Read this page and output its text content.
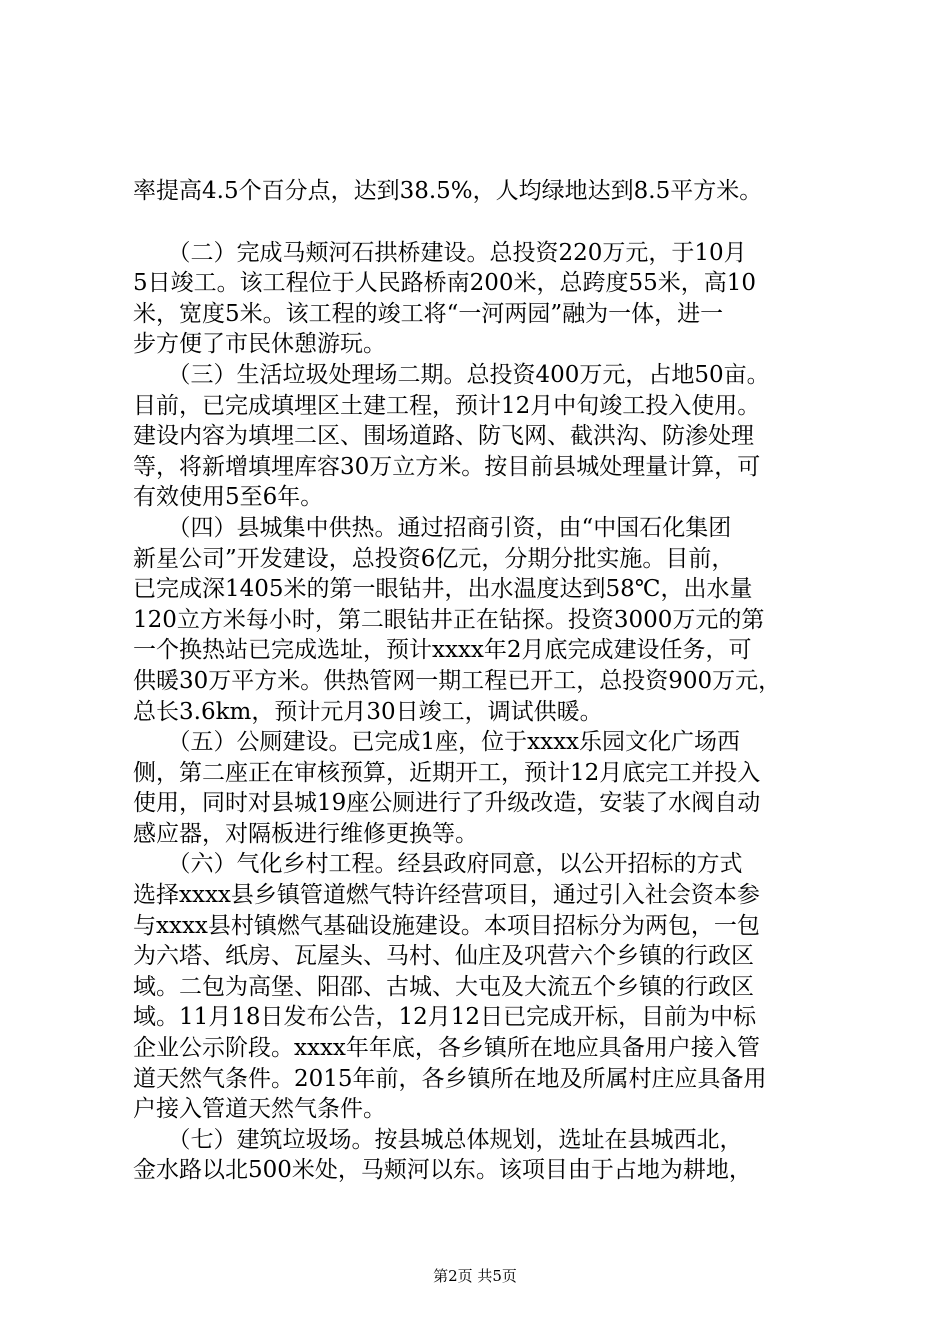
率提高4.5个百分点，达到38.5%，人均绿地达到8.5平方米。
　　（二）完成马颊河石拱桥建设。总投资220万元，于10月
5日竣工。该工程位于人民路桥南200米，总跨度55米，高10
米，宽度5米。该工程的竣工将“一河两园”融为一体，进一
步方便了市民休憩游玩。
　　（三）生活垃圾处理场二期。总投资400万元，占地50亩。
目前，已完成填埋区土建工程，预计12月中旬竣工投入使用。
建设内容为填埋二区、围场道路、防飞网、截洪沟、防渗处理
等，将新增填埋库容30万立方米。按目前县城处理量计算，可
有效使用5至6年。
　　（四）县城集中供热。通过招商引资，由“中国石化集团
新星公司”开发建设，总投资6亿元，分期分批实施。目前，
已完成深1405米的第一眼钻井，出水温度达到58℃，出水量
120立方米每小时，第二眼钻井正在钻探。投资3000万元的第
一个换热站已完成选址，预计xxxx年2月底完成建设任务，可
供暖30万平方米。供热管网一期工程已开工，总投资900万元，
总长3.6km，预计元月30日竣工，调试供暖。
　　（五）公厕建设。已完成1座，位于xxxx乐园文化广场西
侧，第二座正在审核预算，近期开工，预计12月底完工并投入
使用，同时对县城19座公厕进行了升级改造，安装了水阀自动
感应器，对隔板进行维修更换等。
　　（六）气化乡村工程。经县政府同意，以公开招标的方式
选择xxxx县乡镇管道燃气特许经营项目，通过引入社会资本参
与xxxx县村镇燃气基础设施建设。本项目招标分为两包，一包
为六塔、纸房、瓦屋头、马村、仙庄及巩营六个乡镇的行政区
域。二包为高堡、阳邵、古城、大屯及大流五个乡镇的行政区
域。11月18日发布公告，12月12日已完成开标，目前为中标
企业公示阶段。xxxx年年底，各乡镇所在地应具备用户接入管
道天然气条件。2015年前，各乡镇所在地及所属村庄应具备用
户接入管道天然气条件。
　　（七）建筑垃圾场。按县城总体规划，选址在县城西北，
金水路以北500米处，马颊河以东。该项目由于占地为耕地，
第2页 共5页
